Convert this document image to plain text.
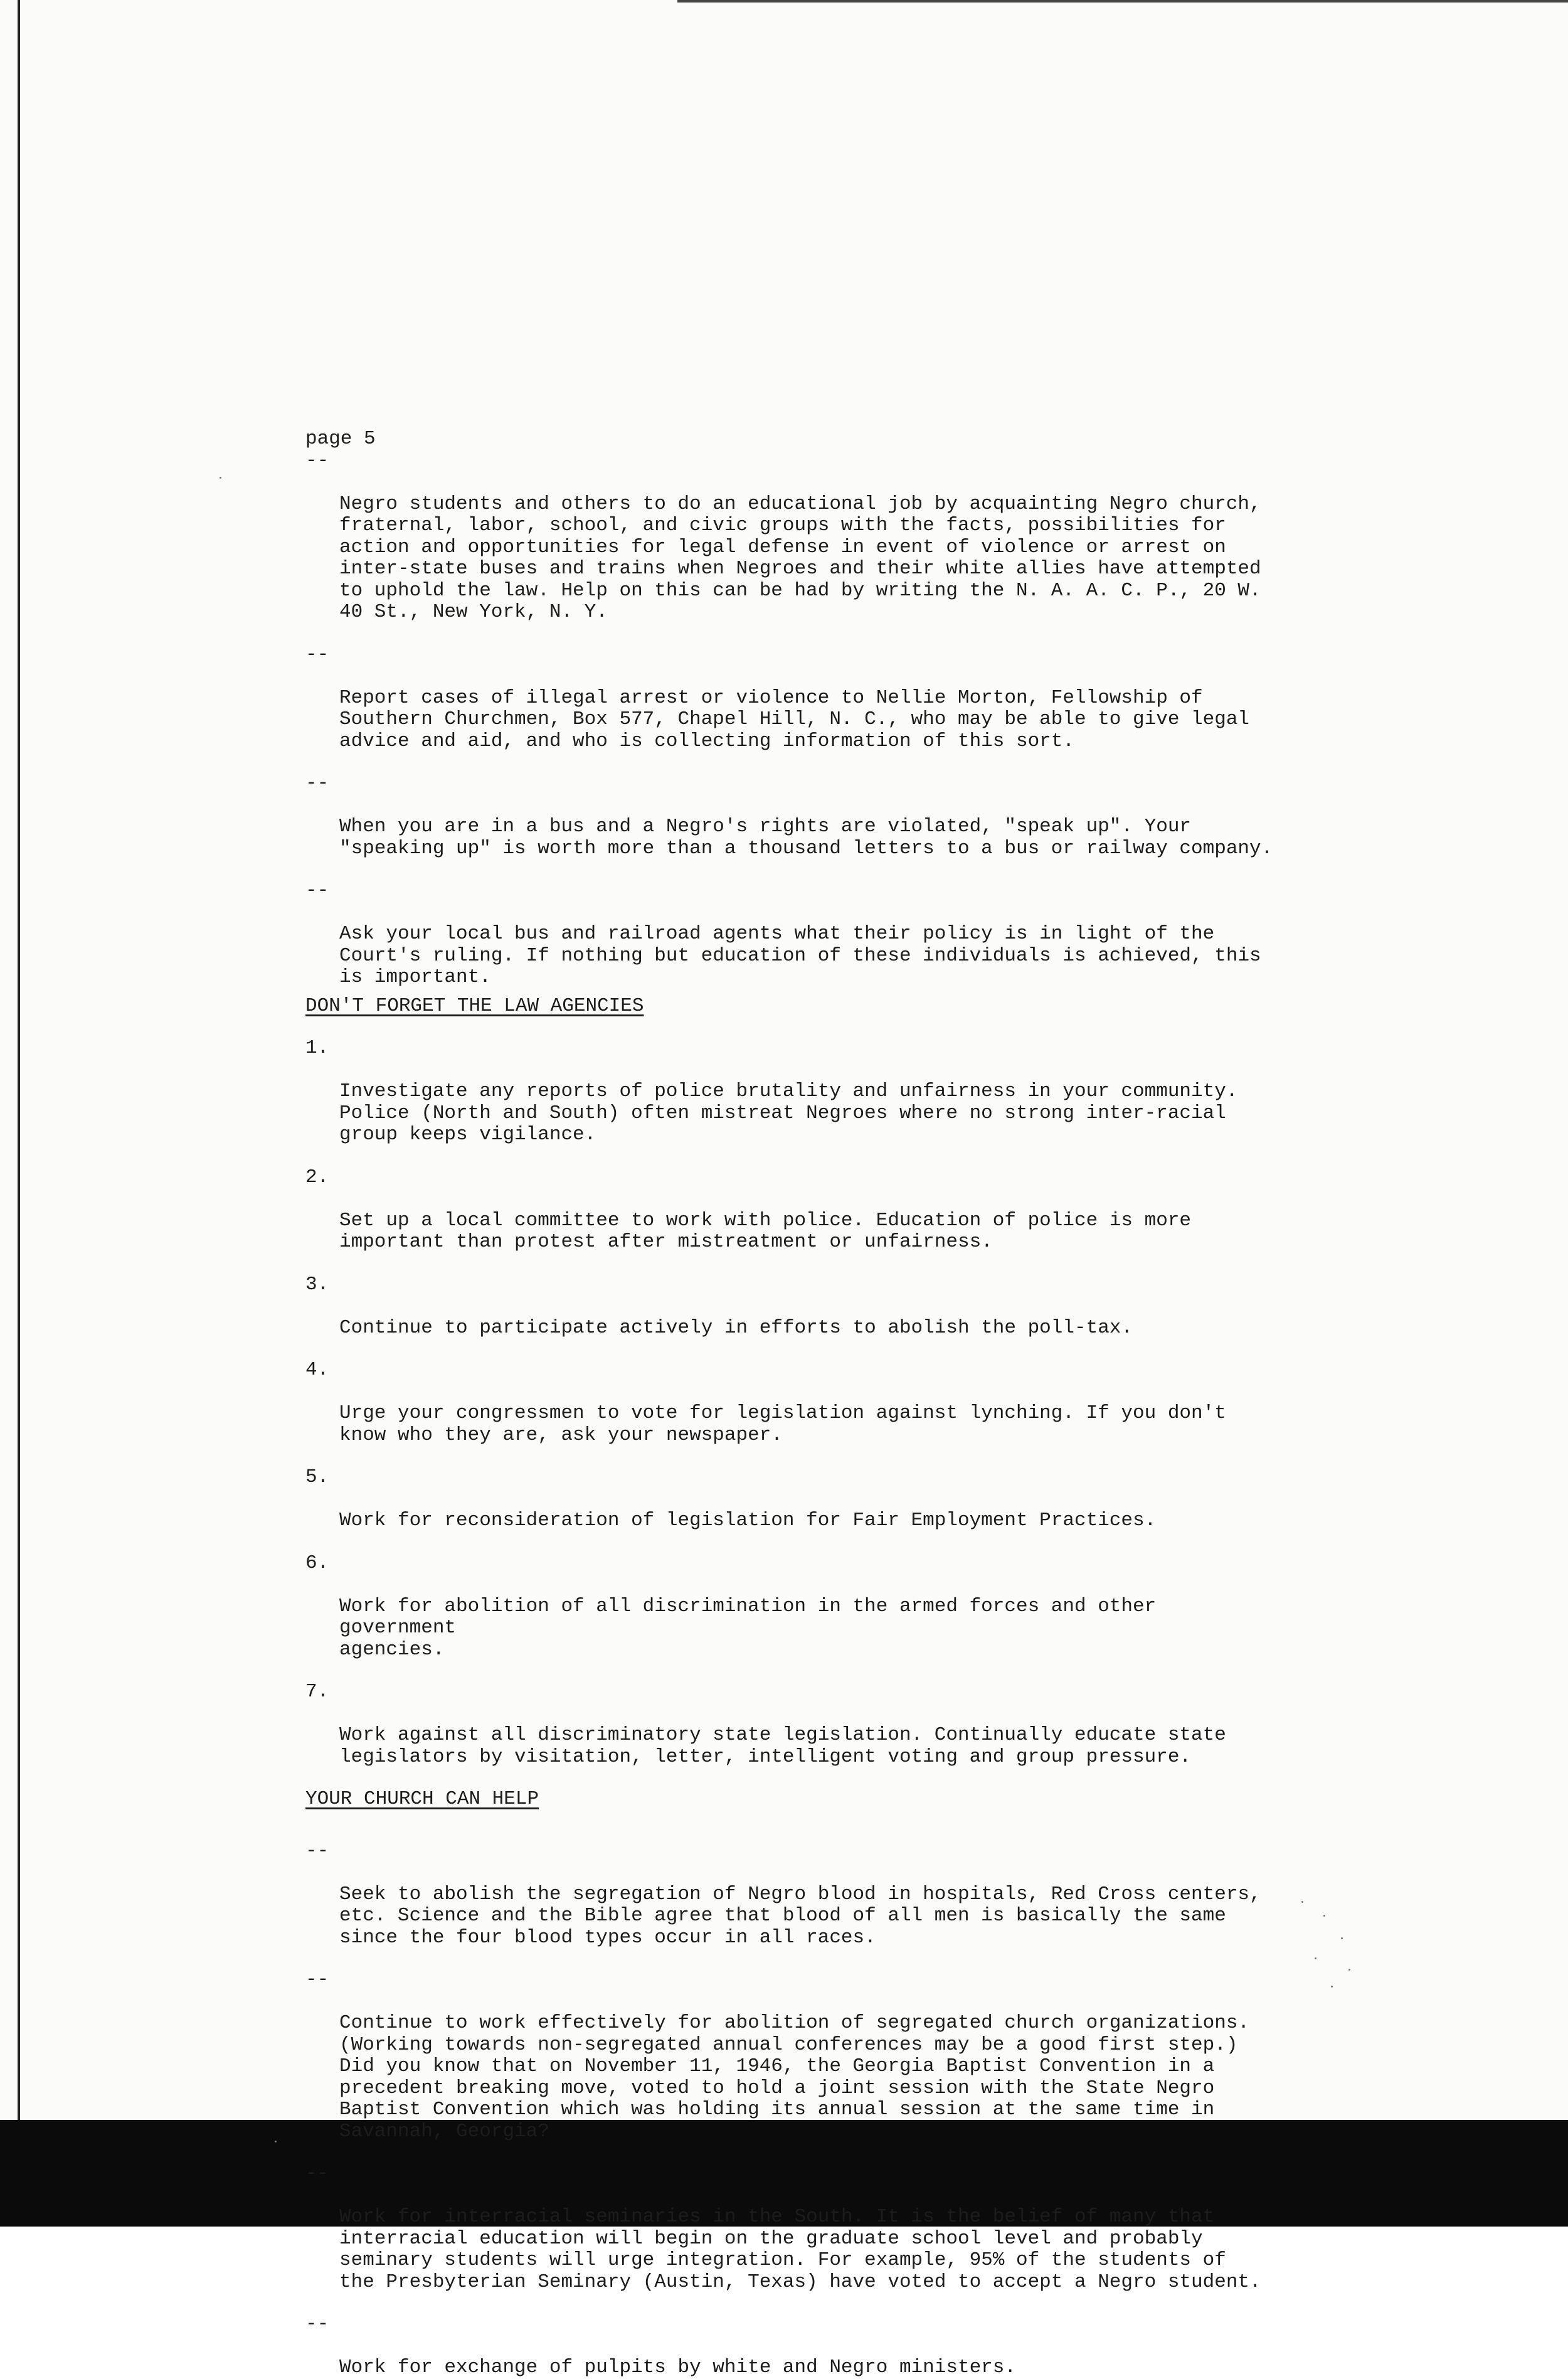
page 5

--

Negro students and others to do an educational job by acquainting Negro church,
fraternal, labor, school, and civic groups with the facts, possibilities for
action and opportunities for legal defense in event of violence or arrest on
inter-state buses and trains when Negroes and their white allies have attempted
to uphold the law. Help on this can be had by writing the N. A. A. C. P., 20 W.
40 St., New York, N. Y.

--

Report cases of illegal arrest or violence to Nellie Morton, Fellowship of
Southern Churchmen, Box 577, Chapel Hill, N. C., who may be able to give legal
advice and aid, and who is collecting information of this sort.

--

When you are in a bus and a Negro's rights are violated, "speak up". Your
"speaking up" is worth more than a thousand letters to a bus or railway company.

--

Ask your local bus and railroad agents what their policy is in light of the
Court's ruling. If nothing but education of these individuals is achieved, this
is important.

DON'T FORGET THE LAW AGENCIES

1.

Investigate any reports of police brutality and unfairness in your community.
Police (North and South) often mistreat Negroes where no strong inter-racial
group keeps vigilance.

2.

Set up a local committee to work with police. Education of police is more
important than protest after mistreatment or unfairness.

3.

Continue to participate actively in efforts to abolish the poll-tax.

4.

Urge your congressmen to vote for legislation against lynching. If you don't
know who they are, ask your newspaper.

5.

Work for reconsideration of legislation for Fair Employment Practices.

6.

Work for abolition of all discrimination in the armed forces and other government
agencies.

7.

Work against all discriminatory state legislation. Continually educate state
legislators by visitation, letter, intelligent voting and group pressure.

YOUR CHURCH CAN HELP

--

Seek to abolish the segregation of Negro blood in hospitals, Red Cross centers,
etc. Science and the Bible agree that blood of all men is basically the same
since the four blood types occur in all races.

--

Continue to work effectively for abolition of segregated church organizations.
(Working towards non-segregated annual conferences may be a good first step.)
Did you know that on November 11, 1946, the Georgia Baptist Convention in a
precedent breaking move, voted to hold a joint session with the State Negro
Baptist Convention which was holding its annual session at the same time in
Savannah, Georgia?

--

Work for interracial seminaries in the South. It is the belief of many that
interracial education will begin on the graduate school level and probably
seminary students will urge integration. For example, 95% of the students of
the Presbyterian Seminary (Austin, Texas) have voted to accept a Negro student.

--

Work for exchange of pulpits by white and Negro ministers.
